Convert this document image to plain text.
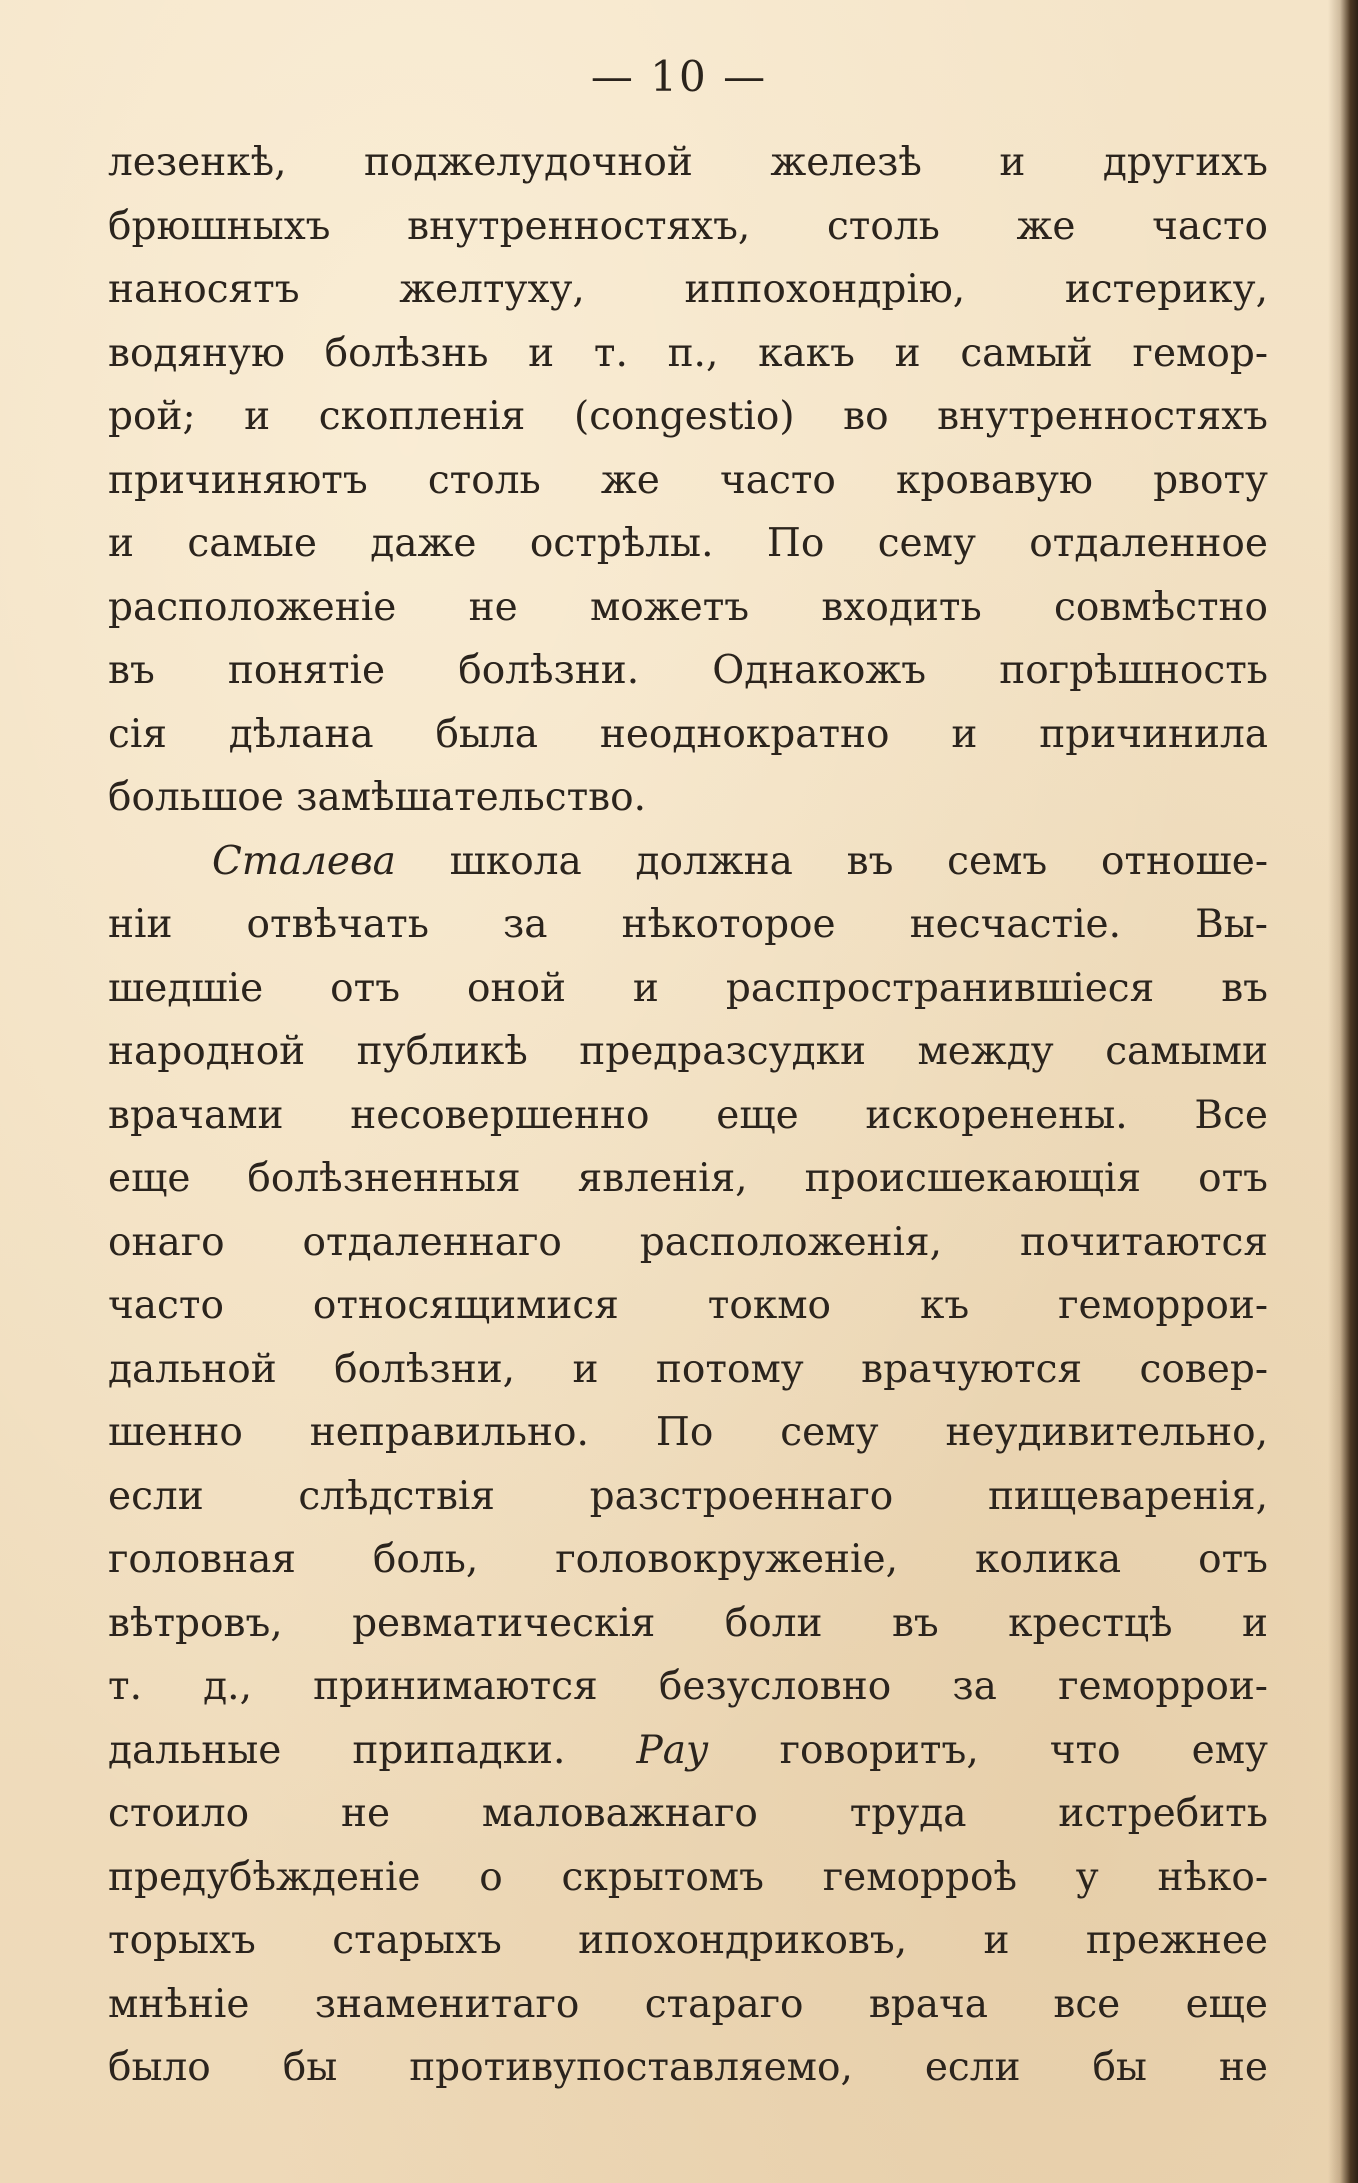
— 10 —
лезенкѣ, поджелудочной железѣ и другихъ
брюшныхъ внутренностяхъ, столь же часто
наносятъ желтуху, иппохондрію, истерику,
водяную болѣзнь и т. п., какъ и самый гемор-
рой; и скопленія (congestio) во внутренностяхъ
причиняютъ столь же часто кровавую рвоту
и самые даже острѣлы. По сему отдаленное
расположеніе не можетъ входить совмѣстно
въ понятіе болѣзни. Однакожъ погрѣшность
сія дѣлана была неоднократно и причинила
большое замѣшательство.
Сталева школа должна въ семъ отноше-
ніи отвѣчать за нѣкоторое несчастіе. Вы-
шедшіе отъ оной и распространившіеся въ
народной публикѣ предразсудки между самыми
врачами несовершенно еще искоренены. Все
еще болѣзненныя явленія, происшекающія отъ
онаго отдаленнаго расположенія, почитаются
часто относящимися токмо къ геморрои-
дальной болѣзни, и потому врачуются совер-
шенно неправильно. По сему неудивительно,
если слѣдствія разстроеннаго пищеваренія,
головная боль, головокруженіе, колика отъ
вѣтровъ, ревматическія боли въ крестцѣ и
т. д., принимаются безусловно за геморрои-
дальные припадки. Рау говоритъ, что ему
стоило не маловажнаго труда истребить
предубѣжденіе о скрытомъ геморроѣ у нѣко-
торыхъ старыхъ ипохондриковъ, и прежнее
мнѣніе знаменитаго стараго врача все еще
было бы противупоставляемо, если бы не
